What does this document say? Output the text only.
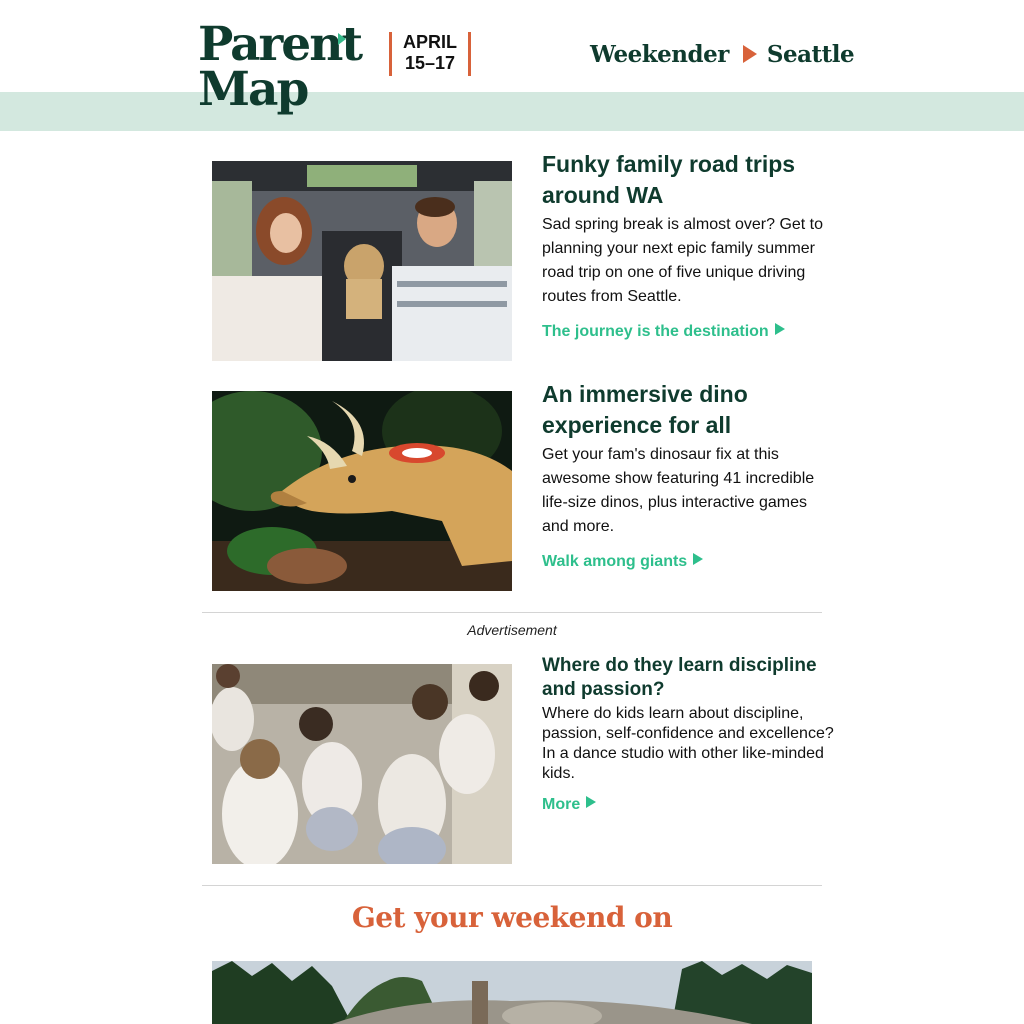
Parent
Map
APRIL
15–17	Weekender Seattle
Funky family road trips around WA

Sad spring break is almost over? Get to planning your next epic family summer road trip on one of five unique driving routes from Seattle.

The journey is the destination
An immersive dino experience for all

Get your fam's dinosaur fix at this awesome show featuring 41 incredible life-size dinos, plus interactive games and more.

Walk among giants
Advertisement
Where do they learn discipline and passion?

Where do kids learn about discipline, passion, self-confidence and excellence? In a dance studio with other like-minded kids.

More
Get your weekend on
